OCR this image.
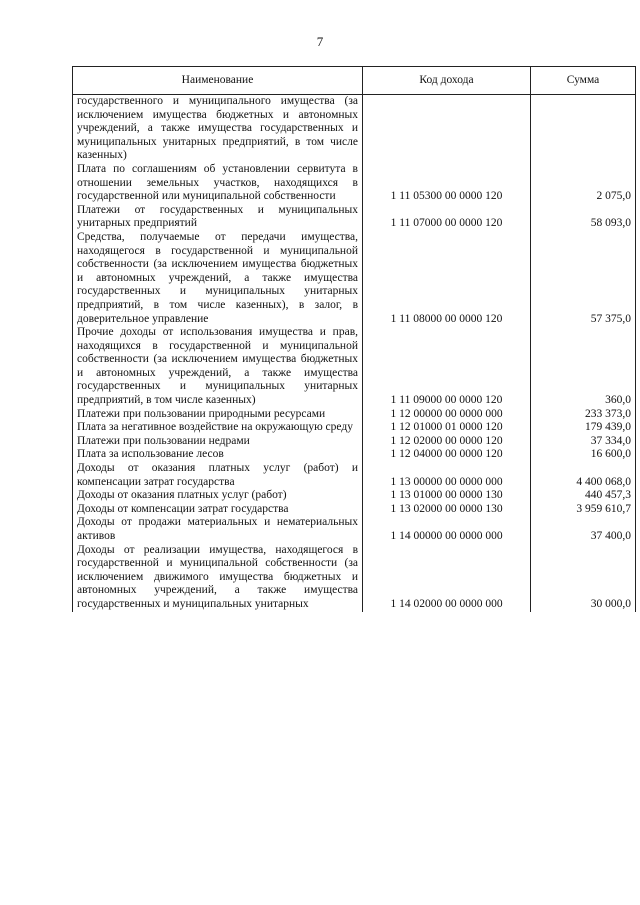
7
Наименование	Код дохода	Сумма
государственного и муниципального имущества (за исключением имущества бюджетных и автономных учреждений, а также имущества государственных и муниципальных унитарных предприятий, в том числе казенных)		
Плата по соглашениям об установлении сервитута в отношении земельных участков, находящихся в государственной или муниципальной собственности	1 11 05300 00 0000 120	2 075,0
Платежи от государственных и муниципальных унитарных предприятий	1 11 07000 00 0000 120	58 093,0
Средства, получаемые от передачи имущества, находящегося в государственной и муниципальной собственности (за исключением имущества бюджетных и автономных учреждений, а также имущества государственных и муниципальных унитарных предприятий, в том числе казенных), в залог, в доверительное управление	1 11 08000 00 0000 120	57 375,0
Прочие доходы от использования имущества и прав, находящихся в государственной и муниципальной собственности (за исключением имущества бюджетных и автономных учреждений, а также имущества государственных и муниципальных унитарных предприятий, в том числе казенных)	1 11 09000 00 0000 120	360,0
Платежи при пользовании природными ресурсами	1 12 00000 00 0000 000	233 373,0
Плата за негативное воздействие на окружающую среду	1 12 01000 01 0000 120	179 439,0
Платежи при пользовании недрами	1 12 02000 00 0000 120	37 334,0
Плата за использование лесов	1 12 04000 00 0000 120	16 600,0
Доходы от оказания платных услуг (работ) и компенсации затрат государства	1 13 00000 00 0000 000	4 400 068,0
Доходы от оказания платных услуг (работ)	1 13 01000 00 0000 130	440 457,3
Доходы от компенсации затрат государства	1 13 02000 00 0000 130	3 959 610,7
Доходы от продажи материальных и нематериальных активов	1 14 00000 00 0000 000	37 400,0
Доходы от реализации имущества, находящегося в государственной и муниципальной собственности (за исключением движимого имущества бюджетных и автономных учреждений, а также имущества государственных и муниципальных унитарных	1 14 02000 00 0000 000	30 000,0
